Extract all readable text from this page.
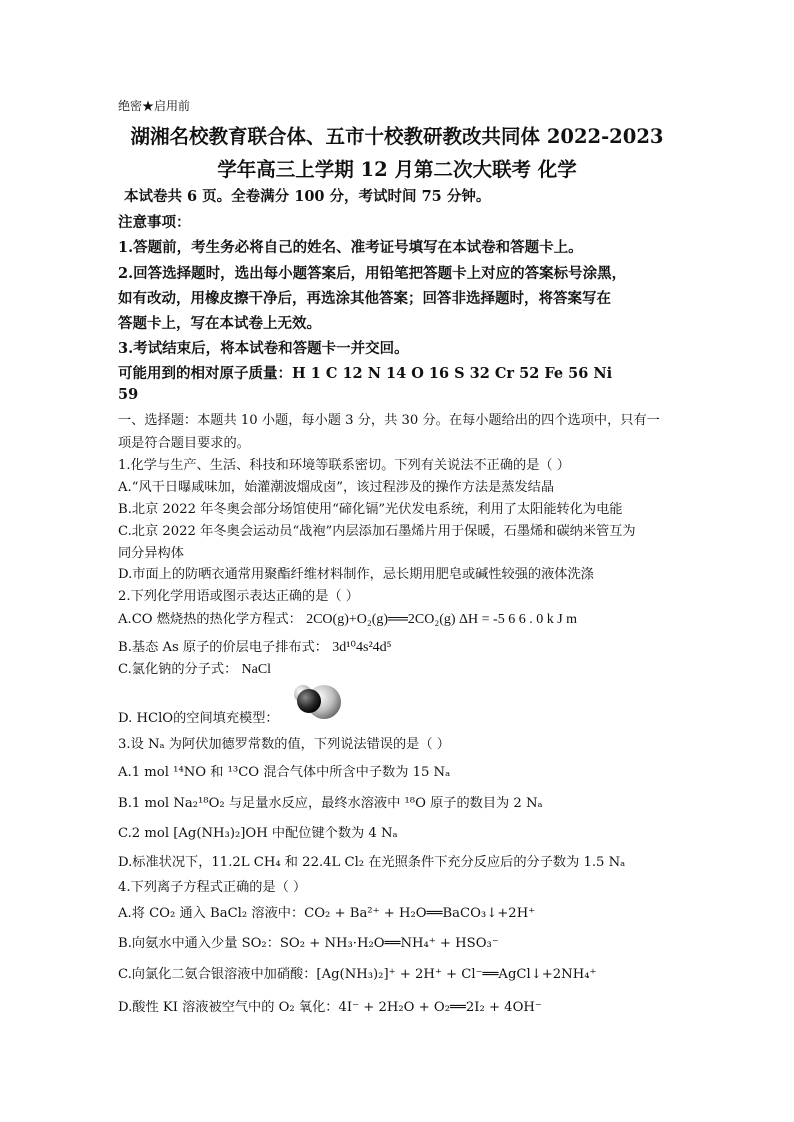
绝密★启用前
湖湘名校教育联合体、五市十校教研教改共同体 2022-2023
学年高三上学期 12 月第二次大联考 化学
本试卷共 6 页。全卷满分 100 分，考试时间 75 分钟。
注意事项：
1.答题前，考生务必将自己的姓名、准考证号填写在本试卷和答题卡上。
2.回答选择题时，选出每小题答案后，用铅笔把答题卡上对应的答案标号涂黑，
如有改动，用橡皮擦干净后，再选涂其他答案；回答非选择题时，将答案写在
答题卡上，写在本试卷上无效。
3.考试结束后，将本试卷和答题卡一并交回。
可能用到的相对原子质量：H 1 C 12 N 14 O 16 S 32 Cr 52 Fe 56 Ni
59
一、选择题：本题共 10 小题，每小题 3 分，共 30 分。在每小题给出的四个选项中，只有一
项是符合题目要求的。
1.化学与生产、生活、科技和环境等联系密切。下列有关说法不正确的是（ ）
A.“风干日曝咸味加，始灌潮波熘成卤”，该过程涉及的操作方法是蒸发结晶
B.北京 2022 年冬奥会部分场馆使用“碲化镉”光伏发电系统，利用了太阳能转化为电能
C.北京 2022 年冬奥会运动员“战袍”内层添加石墨烯片用于保暖，石墨烯和碳纳米管互为
同分异构体
D.市面上的防晒衣通常用聚酯纤维材料制作，忌长期用肥皂或碱性较强的液体洗涤
2.下列化学用语或图示表达正确的是（ ）
A.CO 燃烧热的热化学方程式： 2CO(g)+O₂(g)══2CO₂(g) ΔH = -5 6 6 . 0 k J m
B.基态 As 原子的价层电子排布式： 3d¹⁰4s²4d⁵
C.氯化钠的分子式： NaCl
D. HClO的空间填充模型：
3.设 Nₐ 为阿伏加德罗常数的值，下列说法错误的是（ ）
A.1 mol ¹⁴NO 和 ¹³CO 混合气体中所含中子数为 15 Nₐ
B.1 mol Na₂¹⁸O₂ 与足量水反应，最终水溶液中 ¹⁸O 原子的数目为 2 Nₐ
C.2 mol [Ag(NH₃)₂]OH 中配位键个数为 4 Nₐ
D.标准状况下，11.2L CH₄ 和 22.4L Cl₂ 在光照条件下充分反应后的分子数为 1.5 Nₐ
4.下列离子方程式正确的是（ ）
A.将 CO₂ 通入 BaCl₂ 溶液中：CO₂ + Ba²⁺ + H₂O══BaCO₃↓+2H⁺
B.向氨水中通入少量 SO₂：SO₂ + NH₃·H₂O══NH₄⁺ + HSO₃⁻
C.向氯化二氨合银溶液中加硝酸：[Ag(NH₃)₂]⁺ + 2H⁺ + Cl⁻══AgCl↓+2NH₄⁺
D.酸性 KI 溶液被空气中的 O₂ 氧化：4I⁻ + 2H₂O + O₂══2I₂ + 4OH⁻
